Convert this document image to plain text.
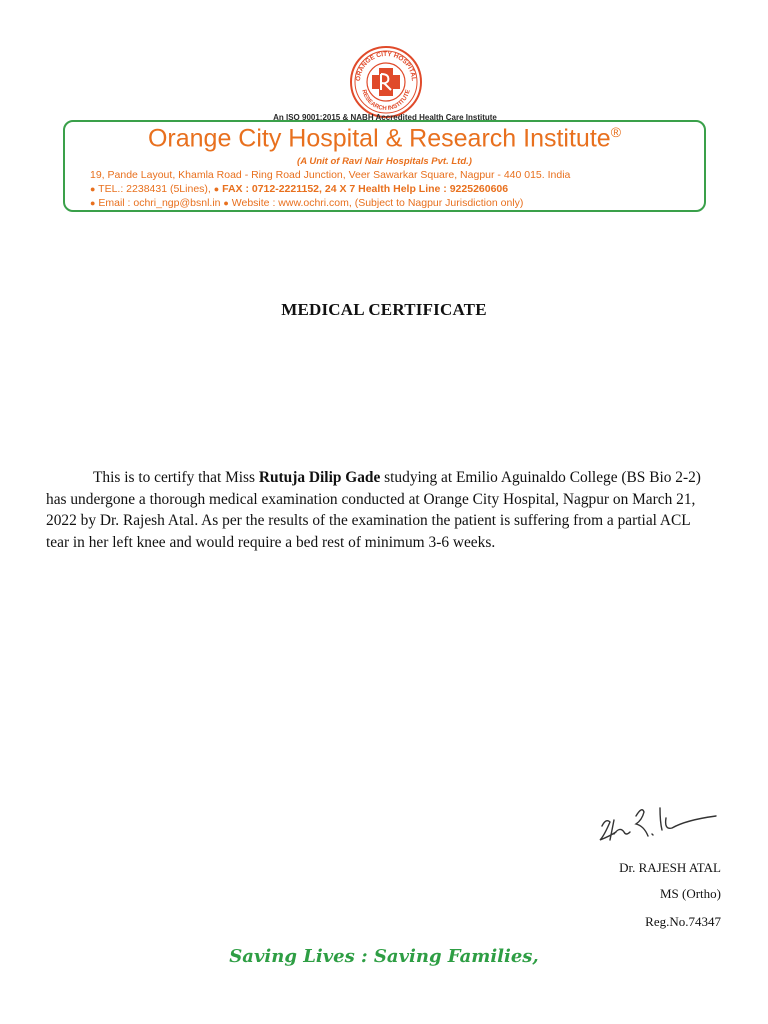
ORANGE CITY HOSPITAL
RESEARCH INSTITUTE
An ISO 9001:2015 & NABH Accredited Health Care Institute
Orange City Hospital & Research Institute®
(A Unit of Ravi Nair Hospitals Pvt. Ltd.)
19, Pande Layout, Khamla Road - Ring Road Junction, Veer Sawarkar Square, Nagpur - 440 015. India
● TEL.: 2238431 (5Lines), ● FAX : 0712-2221152, 24 X 7 Health Help Line : 9225260606
● Email : ochri_ngp@bsnl.in ● Website : www.ochri.com, (Subject to Nagpur Jurisdiction only)
MEDICAL CERTIFICATE
This is to certify that Miss Rutuja Dilip Gade studying at Emilio Aguinaldo College (BS Bio 2-2) has undergone a thorough medical examination conducted at Orange City Hospital, Nagpur on March 21, 2022 by Dr. Rajesh Atal. As per the results of the examination the patient is suffering from a partial ACL tear in her left knee and would require a bed rest of minimum 3-6 weeks.
Dr. RAJESH ATAL
MS (Ortho)
Reg.No.74347
Saving Lives : Saving Families,
